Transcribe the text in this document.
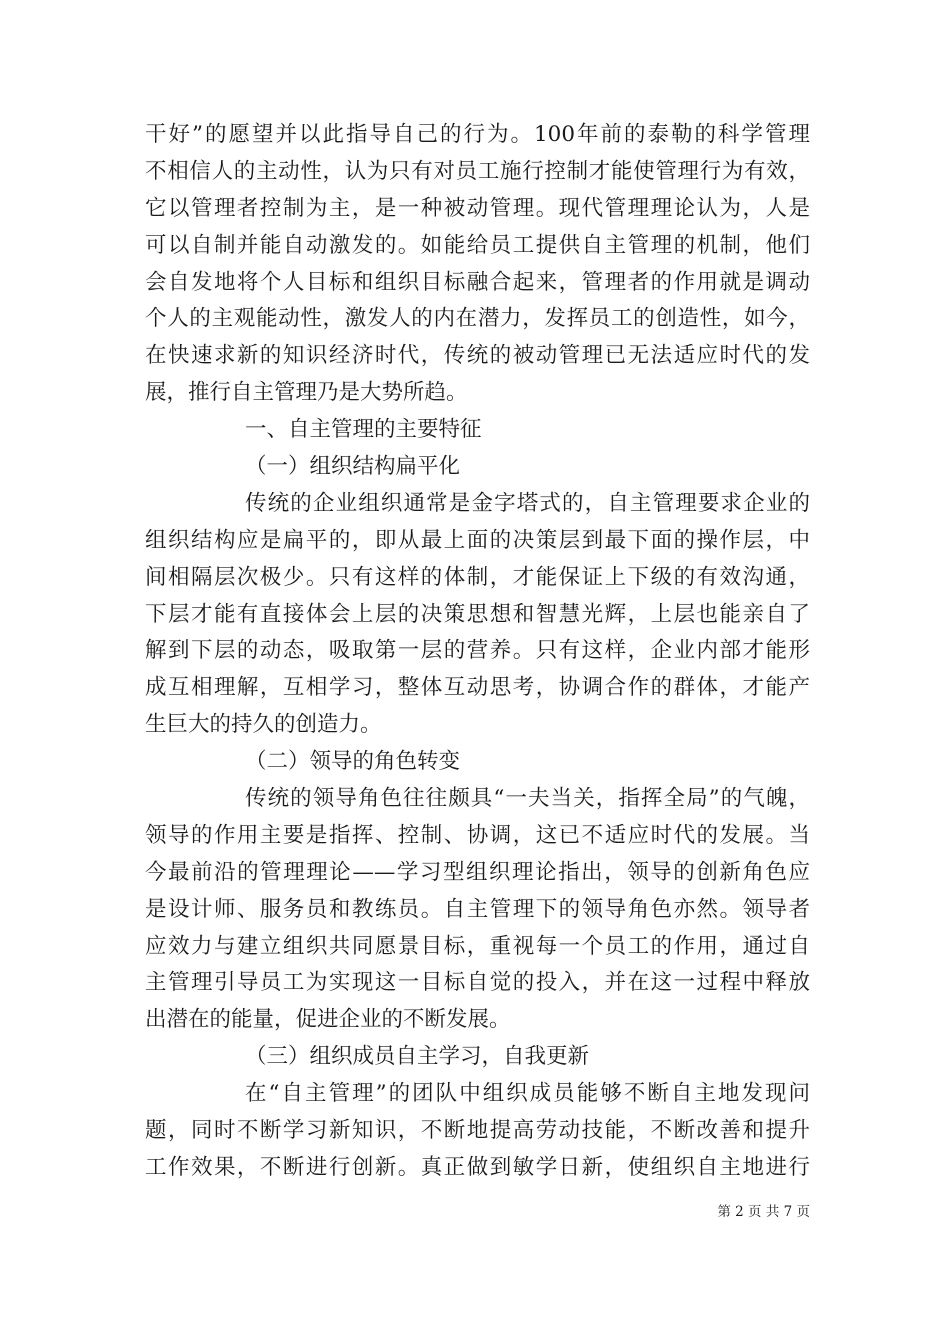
干好”的愿望并以此指导自己的行为。100年前的泰勒的科学管理
不相信人的主动性，认为只有对员工施行控制才能使管理行为有效，
它以管理者控制为主，是一种被动管理。现代管理理论认为，人是
可以自制并能自动激发的。如能给员工提供自主管理的机制，他们
会自发地将个人目标和组织目标融合起来，管理者的作用就是调动
个人的主观能动性，激发人的内在潜力，发挥员工的创造性，如今，
在快速求新的知识经济时代，传统的被动管理已无法适应时代的发
展，推行自主管理乃是大势所趋。
一、自主管理的主要特征
（一）组织结构扁平化
传统的企业组织通常是金字塔式的，自主管理要求企业的
组织结构应是扁平的，即从最上面的决策层到最下面的操作层，中
间相隔层次极少。只有这样的体制，才能保证上下级的有效沟通，
下层才能有直接体会上层的决策思想和智慧光辉，上层也能亲自了
解到下层的动态，吸取第一层的营养。只有这样，企业内部才能形
成互相理解，互相学习，整体互动思考，协调合作的群体，才能产
生巨大的持久的创造力。
（二）领导的角色转变
传统的领导角色往往颇具“一夫当关，指挥全局”的气魄，
领导的作用主要是指挥、控制、协调，这已不适应时代的发展。当
今最前沿的管理理论——学习型组织理论指出，领导的创新角色应
是设计师、服务员和教练员。自主管理下的领导角色亦然。领导者
应效力与建立组织共同愿景目标，重视每一个员工的作用，通过自
主管理引导员工为实现这一目标自觉的投入，并在这一过程中释放
出潜在的能量，促进企业的不断发展。
（三）组织成员自主学习，自我更新
在“自主管理”的团队中组织成员能够不断自主地发现问
题，同时不断学习新知识，不断地提高劳动技能，不断改善和提升
工作效果，不断进行创新。真正做到敏学日新，使组织自主地进行
第 2 页 共 7 页
